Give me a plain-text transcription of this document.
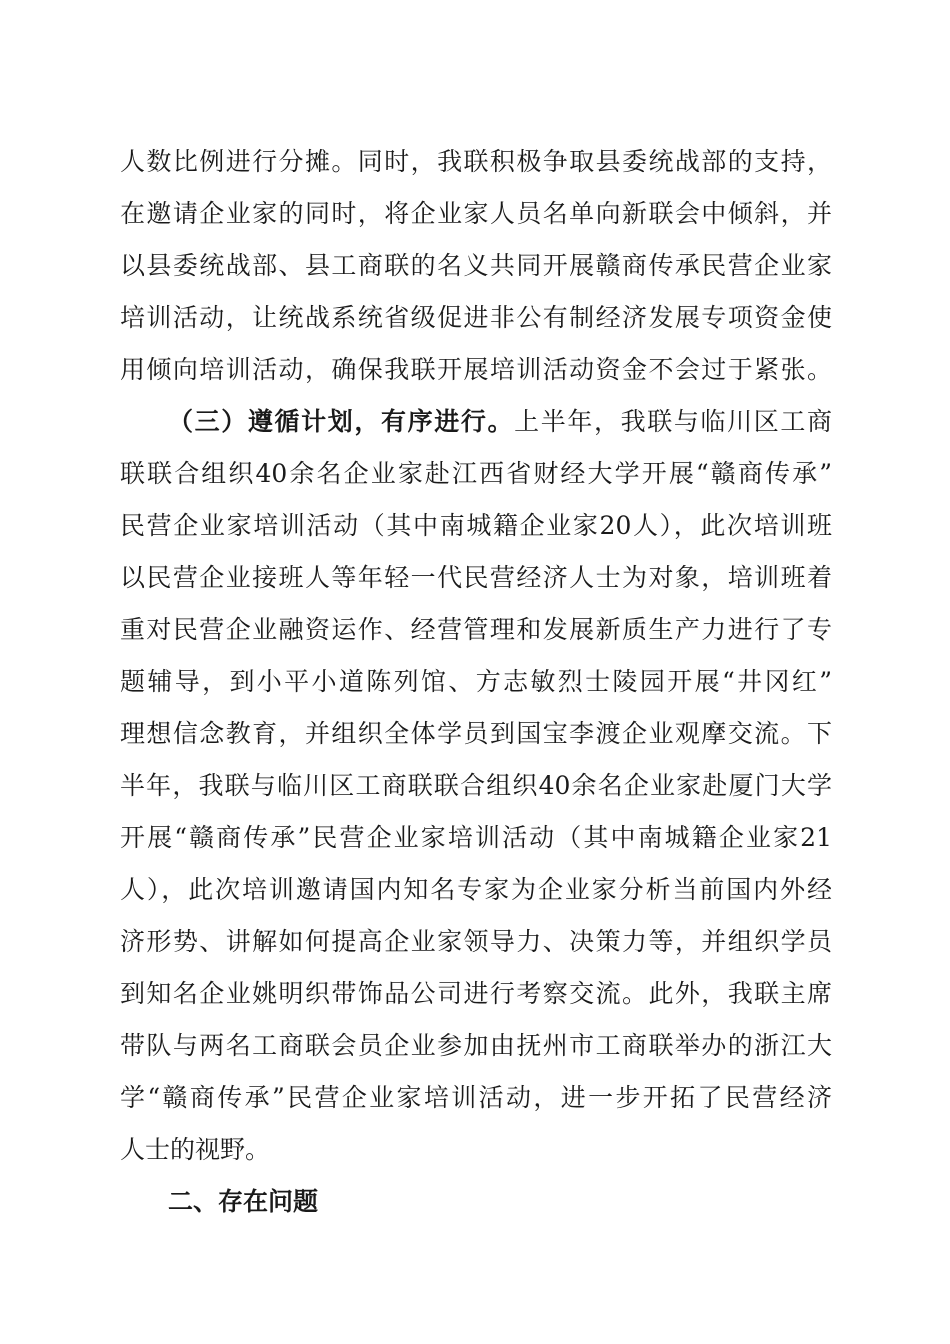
人数比例进行分摊。同时，我联积极争取县委统战部的支持，
在邀请企业家的同时，将企业家人员名单向新联会中倾斜，并
以县委统战部、县工商联的名义共同开展赣商传承民营企业家
培训活动，让统战系统省级促进非公有制经济发展专项资金使
用倾向培训活动，确保我联开展培训活动资金不会过于紧张。
（三）遵循计划，有序进行。上半年，我联与临川区工商
联联合组织40余名企业家赴江西省财经大学开展“赣商传承”
民营企业家培训活动（其中南城籍企业家20人），此次培训班
以民营企业接班人等年轻一代民营经济人士为对象，培训班着
重对民营企业融资运作、经营管理和发展新质生产力进行了专
题辅导，到小平小道陈列馆、方志敏烈士陵园开展“井冈红”
理想信念教育，并组织全体学员到国宝李渡企业观摩交流。下
半年，我联与临川区工商联联合组织40余名企业家赴厦门大学
开展“赣商传承”民营企业家培训活动（其中南城籍企业家21
人），此次培训邀请国内知名专家为企业家分析当前国内外经
济形势、讲解如何提高企业家领导力、决策力等，并组织学员
到知名企业姚明织带饰品公司进行考察交流。此外，我联主席
带队与两名工商联会员企业参加由抚州市工商联举办的浙江大
学“赣商传承”民营企业家培训活动，进一步开拓了民营经济
人士的视野。
二、存在问题
